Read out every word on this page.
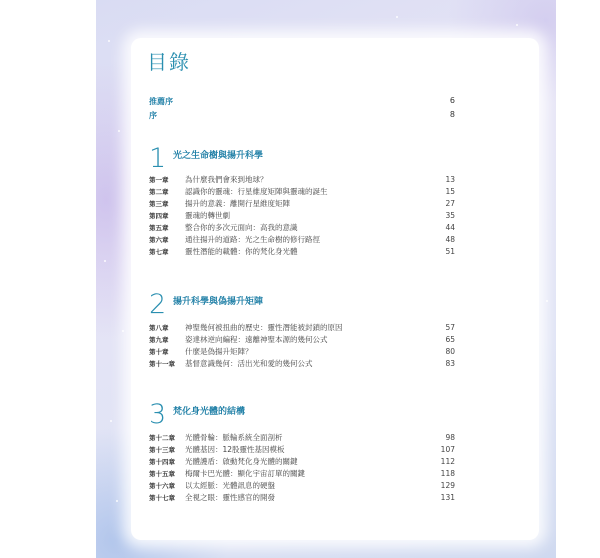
目錄
推薦序	6
序	8
1 光之生命樹與揚升科學
第一章 為什麼我們會來到地球？	13
第二章 認識你的靈魂：行星維度矩陣與靈魂的誕生	15
第三章 揚升的意義：離開行星維度矩陣	27
第四章 靈魂的轉世劇	35
第五章 整合你的多次元面向：高我的意識	44
第六章 通往揚升的道路：光之生命樹的修行路徑	48
第七章 靈性潛能的載體：你的梵化身光體	51
2 揚升科學與偽揚升矩陣
第八章 神聖幾何被扭曲的歷史：靈性潛能被封鎖的原因	57
第九章 姿達林逆向編程：遠離神聖本源的幾何公式	65
第十章 什麼是偽揚升矩陣？	80
第十一章 基督意識幾何：活出光和愛的幾何公式	83
3 梵化身光體的結構
第十二章 光體骨輪：脈輪系統全面剖析	98
第十三章 光體基因：12股靈性基因模板	107
第十四章 光體護盾：啟動梵化身光體的關鍵	112
第十五章 梅爾卡巴光體：顯化宇宙訂單的關鍵	118
第十六章 以太經脈：光體訊息的硬盤	129
第十七章 全視之眼：靈性感官的開發	131
